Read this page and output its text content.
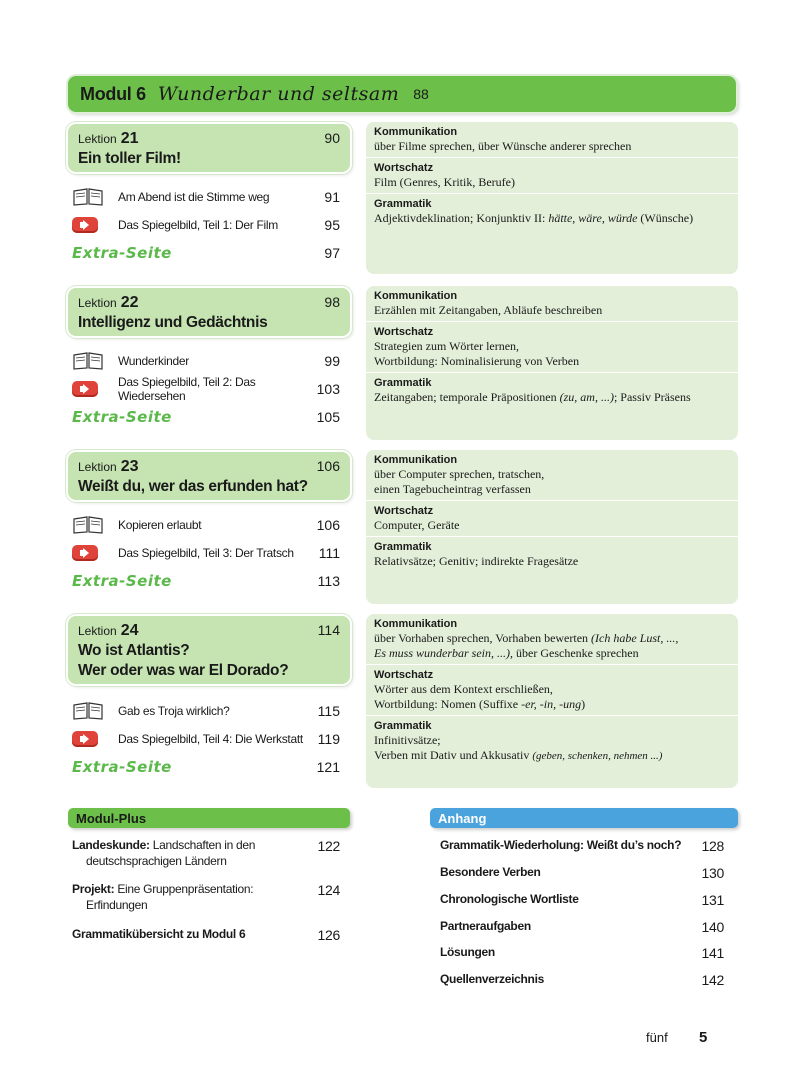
Modul 6 Wunderbar und seltsam 88
Lektion 21	90
Ein toller Film!
Am Abend ist die Stimme weg	91
Das Spiegelbild, Teil 1: Der Film	95
Extra-Seite	97
Kommunikation
über Filme sprechen, über Wünsche anderer sprechen
Wortschatz
Film (Genres, Kritik, Berufe)
Grammatik
Adjektivdeklination; Konjunktiv II: hätte, wäre, würde (Wünsche)
Lektion 22	98
Intelligenz und Gedächtnis
Wunderkinder	99
Das Spiegelbild, Teil 2: Das Wiedersehen	103
Extra-Seite	105
Kommunikation
Erzählen mit Zeitangaben, Abläufe beschreiben
Wortschatz
Strategien zum Wörter lernen,
Wortbildung: Nominalisierung von Verben
Grammatik
Zeitangaben; temporale Präpositionen (zu, am, ...); Passiv Präsens
Lektion 23	106
Weißt du, wer das erfunden hat?
Kopieren erlaubt	106
Das Spiegelbild, Teil 3: Der Tratsch	111
Extra-Seite	113
Kommunikation
über Computer sprechen, tratschen,
einen Tagebucheintrag verfassen
Wortschatz
Computer, Geräte
Grammatik
Relativsätze; Genitiv; indirekte Fragesätze
Lektion 24	114
Wo ist Atlantis?
Wer oder was war El Dorado?
Gab es Troja wirklich?	115
Das Spiegelbild, Teil 4: Die Werkstatt	119
Extra-Seite	121
Kommunikation
über Vorhaben sprechen, Vorhaben bewerten (Ich habe Lust, ...,
Es muss wunderbar sein, ...), über Geschenke sprechen
Wortschatz
Wörter aus dem Kontext erschließen,
Wortbildung: Nomen (Suffixe -er, -in, -ung)
Grammatik
Infinitivsätze;
Verben mit Dativ und Akkusativ (geben, schenken, nehmen ...)
Modul-Plus
Landeskunde: Landschaften in den
deutschsprachigen Ländern
122
Projekt: Eine Gruppenpräsentation:
Erfindungen
124
Grammatikübersicht zu Modul 6	126
Anhang
Grammatik-Wiederholung: Weißt du’s noch? 128
Besondere Verben	130
Chronologische Wortliste	131
Partneraufgaben	140
Lösungen	141
Quellenverzeichnis	142
fünf 5
